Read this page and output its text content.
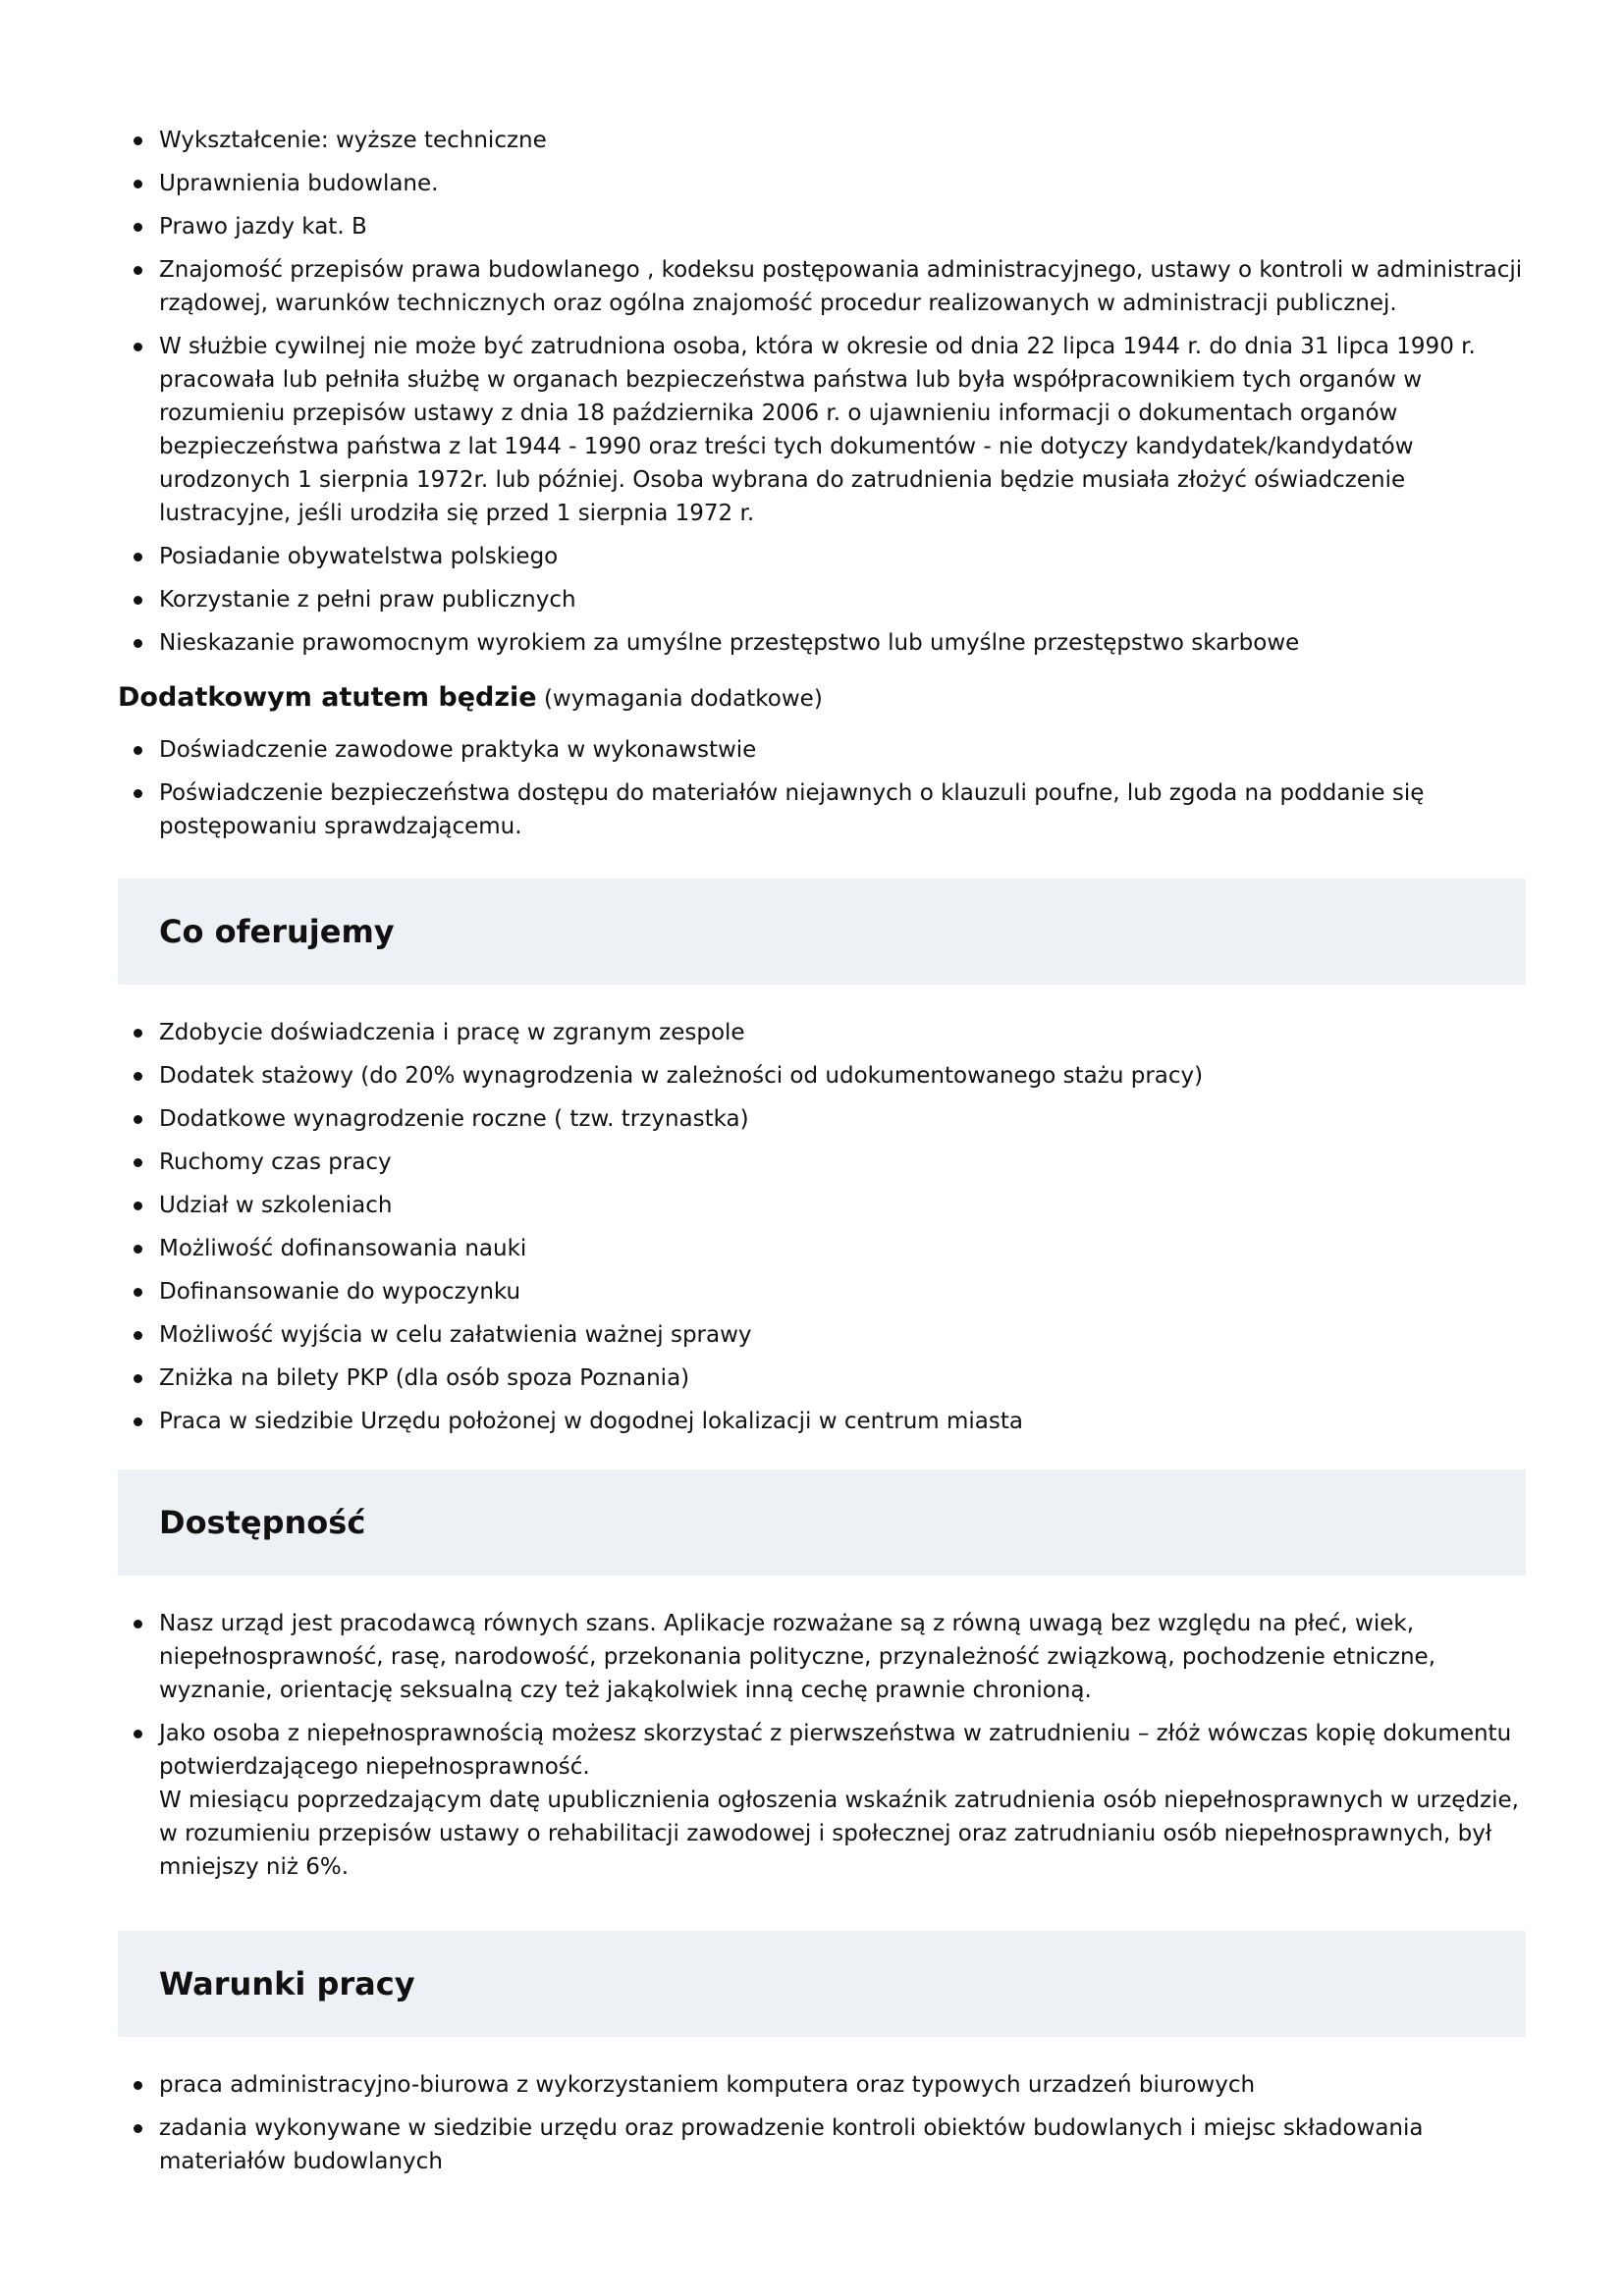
Wykształcenie: wyższe techniczne
Uprawnienia budowlane.
Prawo jazdy kat. B
Znajomość przepisów prawa budowlanego , kodeksu postępowania administracyjnego, ustawy o kontroli w administracji
rządowej, warunków technicznych oraz ogólna znajomość procedur realizowanych w administracji publicznej.
W służbie cywilnej nie może być zatrudniona osoba, która w okresie od dnia 22 lipca 1944 r. do dnia 31 lipca 1990 r.
pracowała lub pełniła służbę w organach bezpieczeństwa państwa lub była współpracownikiem tych organów w
rozumieniu przepisów ustawy z dnia 18 października 2006 r. o ujawnieniu informacji o dokumentach organów
bezpieczeństwa państwa z lat 1944 - 1990 oraz treści tych dokumentów - nie dotyczy kandydatek/kandydatów
urodzonych 1 sierpnia 1972r. lub później. Osoba wybrana do zatrudnienia będzie musiała złożyć oświadczenie
lustracyjne, jeśli urodziła się przed 1 sierpnia 1972 r.
Posiadanie obywatelstwa polskiego
Korzystanie z pełni praw publicznych
Nieskazanie prawomocnym wyrokiem za umyślne przestępstwo lub umyślne przestępstwo skarbowe
Dodatkowym atutem będzie (wymagania dodatkowe)
Doświadczenie zawodowe praktyka w wykonawstwie
Poświadczenie bezpieczeństwa dostępu do materiałów niejawnych o klauzuli poufne, lub zgoda na poddanie się
postępowaniu sprawdzającemu.
Co oferujemy
Zdobycie doświadczenia i pracę w zgranym zespole
Dodatek stażowy (do 20% wynagrodzenia w zależności od udokumentowanego stażu pracy)
Dodatkowe wynagrodzenie roczne ( tzw. trzynastka)
Ruchomy czas pracy
Udział w szkoleniach
Możliwość dofinansowania nauki
Dofinansowanie do wypoczynku
Możliwość wyjścia w celu załatwienia ważnej sprawy
Zniżka na bilety PKP (dla osób spoza Poznania)
Praca w siedzibie Urzędu położonej w dogodnej lokalizacji w centrum miasta
Dostępność
Nasz urząd jest pracodawcą równych szans. Aplikacje rozważane są z równą uwagą bez względu na płeć, wiek,
niepełnosprawność, rasę, narodowość, przekonania polityczne, przynależność związkową, pochodzenie etniczne,
wyznanie, orientację seksualną czy też jakąkolwiek inną cechę prawnie chronioną.
Jako osoba z niepełnosprawnością możesz skorzystać z pierwszeństwa w zatrudnieniu – złóż wówczas kopię dokumentu
potwierdzającego niepełnosprawność.
W miesiącu poprzedzającym datę upublicznienia ogłoszenia wskaźnik zatrudnienia osób niepełnosprawnych w urzędzie,
w rozumieniu przepisów ustawy o rehabilitacji zawodowej i społecznej oraz zatrudnianiu osób niepełnosprawnych, był
mniejszy niż 6%.
Warunki pracy
praca administracyjno-biurowa z wykorzystaniem komputera oraz typowych urzadzeń biurowych
zadania wykonywane w siedzibie urzędu oraz prowadzenie kontroli obiektów budowlanych i miejsc składowania
materiałów budowlanych
